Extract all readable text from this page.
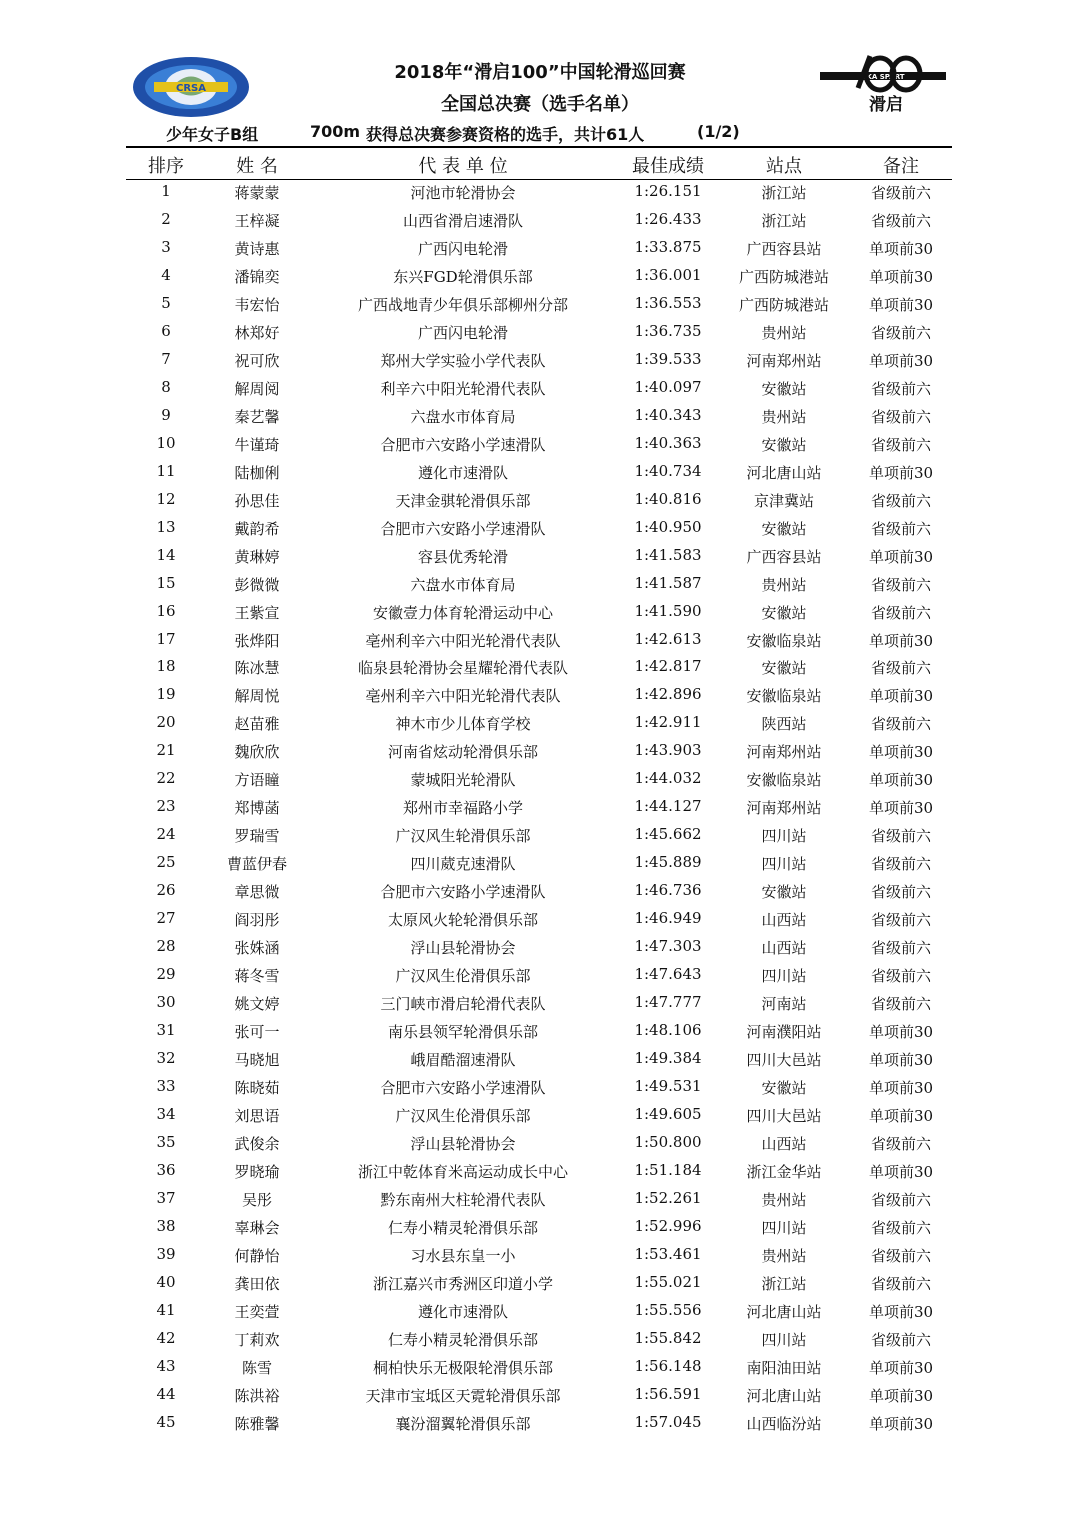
CRSA
SKA SPART
滑启
2018年“滑启100”中国轮滑巡回赛
全国总决赛（选手名单）
少年女子B组	700m 获得总决赛参赛资格的选手，共计61人	(1/2)
排序	姓 名	代 表 单 位	最佳成绩	站点	备注
1	蒋蒙蒙	河池市轮滑协会	1:26.151	浙江站	省级前六
2	王梓凝	山西省滑启速滑队	1:26.433	浙江站	省级前六
3	黄诗惠	广西闪电轮滑	1:33.875	广西容县站	单项前30
4	潘锦奕	东兴FGD轮滑俱乐部	1:36.001	广西防城港站	单项前30
5	韦宏怡	广西战地青少年俱乐部柳州分部	1:36.553	广西防城港站	单项前30
6	林郑好	广西闪电轮滑	1:36.735	贵州站	省级前六
7	祝可欣	郑州大学实验小学代表队	1:39.533	河南郑州站	单项前30
8	解周阅	利辛六中阳光轮滑代表队	1:40.097	安徽站	省级前六
9	秦艺馨	六盘水市体育局	1:40.343	贵州站	省级前六
10	牛谨琦	合肥市六安路小学速滑队	1:40.363	安徽站	省级前六
11	陆枷俐	遵化市速滑队	1:40.734	河北唐山站	单项前30
12	孙思佳	天津金骐轮滑俱乐部	1:40.816	京津冀站	省级前六
13	戴韵希	合肥市六安路小学速滑队	1:40.950	安徽站	省级前六
14	黄琳婷	容县优秀轮滑	1:41.583	广西容县站	单项前30
15	彭微微	六盘水市体育局	1:41.587	贵州站	省级前六
16	王紫宣	安徽壹力体育轮滑运动中心	1:41.590	安徽站	省级前六
17	张烨阳	亳州利辛六中阳光轮滑代表队	1:42.613	安徽临泉站	单项前30
18	陈冰慧	临泉县轮滑协会星耀轮滑代表队	1:42.817	安徽站	省级前六
19	解周悦	亳州利辛六中阳光轮滑代表队	1:42.896	安徽临泉站	单项前30
20	赵苗雅	神木市少儿体育学校	1:42.911	陕西站	省级前六
21	魏欣欣	河南省炫动轮滑俱乐部	1:43.903	河南郑州站	单项前30
22	方语瞳	蒙城阳光轮滑队	1:44.032	安徽临泉站	单项前30
23	郑博菡	郑州市幸福路小学	1:44.127	河南郑州站	单项前30
24	罗瑞雪	广汉风生轮滑俱乐部	1:45.662	四川站	省级前六
25	曹蓝伊春	四川葳克速滑队	1:45.889	四川站	省级前六
26	章思微	合肥市六安路小学速滑队	1:46.736	安徽站	省级前六
27	阎羽彤	太原风火轮轮滑俱乐部	1:46.949	山西站	省级前六
28	张姝涵	浮山县轮滑协会	1:47.303	山西站	省级前六
29	蒋冬雪	广汉风生伦滑俱乐部	1:47.643	四川站	省级前六
30	姚文婷	三门峡市滑启轮滑代表队	1:47.777	河南站	省级前六
31	张可一	南乐县领罕轮滑俱乐部	1:48.106	河南濮阳站	单项前30
32	马晓旭	峨眉酷溜速滑队	1:49.384	四川大邑站	单项前30
33	陈晓茹	合肥市六安路小学速滑队	1:49.531	安徽站	单项前30
34	刘思语	广汉风生伦滑俱乐部	1:49.605	四川大邑站	单项前30
35	武俊余	浮山县轮滑协会	1:50.800	山西站	省级前六
36	罗晓瑜	浙江中乾体育米高运动成长中心	1:51.184	浙江金华站	单项前30
37	吴彤	黔东南州大柱轮滑代表队	1:52.261	贵州站	省级前六
38	辜琳会	仁寿小精灵轮滑俱乐部	1:52.996	四川站	省级前六
39	何静怡	习水县东皇一小	1:53.461	贵州站	省级前六
40	龚田依	浙江嘉兴市秀洲区印道小学	1:55.021	浙江站	省级前六
41	王奕萱	遵化市速滑队	1:55.556	河北唐山站	单项前30
42	丁莉欢	仁寿小精灵轮滑俱乐部	1:55.842	四川站	省级前六
43	陈雪	桐柏快乐无极限轮滑俱乐部	1:56.148	南阳油田站	单项前30
44	陈洪裕	天津市宝坻区天霓轮滑俱乐部	1:56.591	河北唐山站	单项前30
45	陈雅馨	襄汾溜翼轮滑俱乐部	1:57.045	山西临汾站	单项前30
